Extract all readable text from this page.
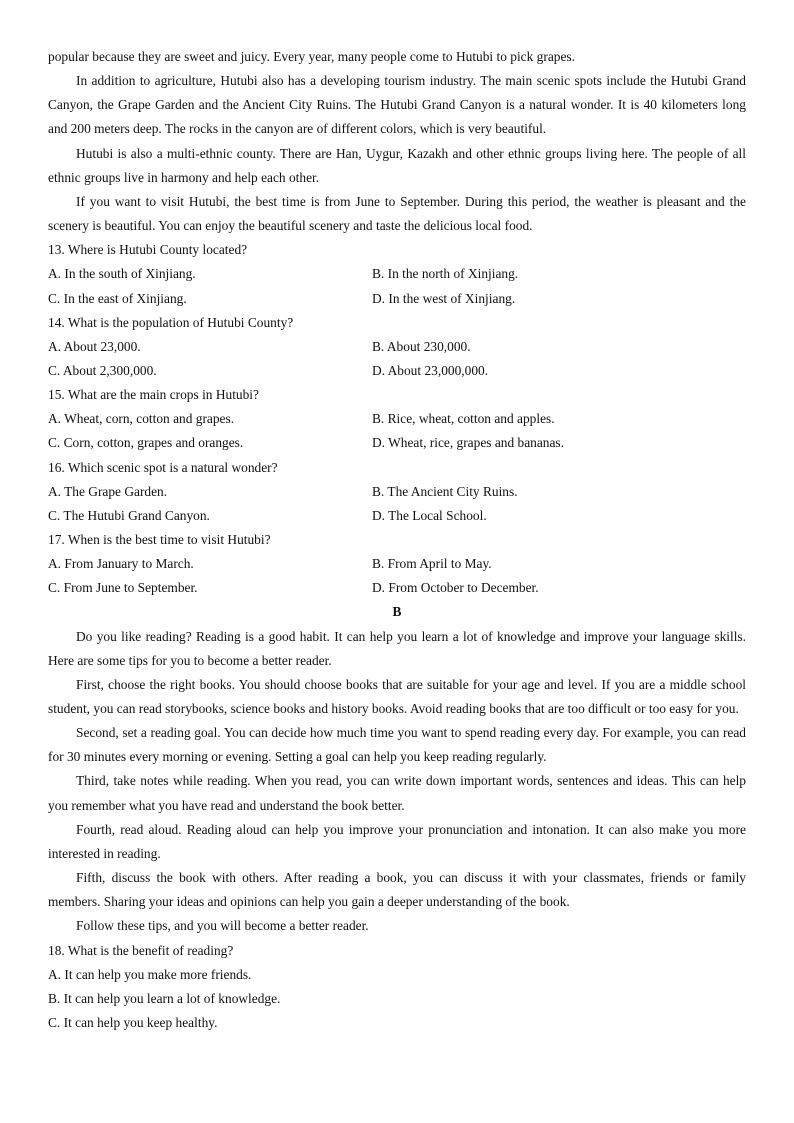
popular because they are sweet and juicy. Every year, many people come to Hutubi to pick grapes.
In addition to agriculture, Hutubi also has a developing tourism industry. The main scenic spots include the Hutubi Grand Canyon, the Grape Garden and the Ancient City Ruins. The Hutubi Grand Canyon is a natural wonder. It is 40 kilometers long and 200 meters deep. The rocks in the canyon are of different colors, which is very beautiful.
Hutubi is also a multi-ethnic county. There are Han, Uygur, Kazakh and other ethnic groups living here. The people of all ethnic groups live in harmony and help each other.
If you want to visit Hutubi, the best time is from June to September. During this period, the weather is pleasant and the scenery is beautiful. You can enjoy the beautiful scenery and taste the delicious local food.
13. Where is Hutubi County located?
A. In the south of Xinjiang.	B. In the north of Xinjiang.
C. In the east of Xinjiang.	D. In the west of Xinjiang.
14. What is the population of Hutubi County?
A. About 23,000.	B. About 230,000.
C. About 2,300,000.	D. About 23,000,000.
15. What are the main crops in Hutubi?
A. Wheat, corn, cotton and grapes.	B. Rice, wheat, cotton and apples.
C. Corn, cotton, grapes and oranges.	D. Wheat, rice, grapes and bananas.
16. Which scenic spot is a natural wonder?
A. The Grape Garden.	B. The Ancient City Ruins.
C. The Hutubi Grand Canyon.	D. The Local School.
17. When is the best time to visit Hutubi?
A. From January to March.	B. From April to May.
C. From June to September.	D. From October to December.
B
Do you like reading? Reading is a good habit. It can help you learn a lot of knowledge and improve your language skills. Here are some tips for you to become a better reader.
First, choose the right books. You should choose books that are suitable for your age and level. If you are a middle school student, you can read storybooks, science books and history books. Avoid reading books that are too difficult or too easy for you.
Second, set a reading goal. You can decide how much time you want to spend reading every day. For example, you can read for 30 minutes every morning or evening. Setting a goal can help you keep reading regularly.
Third, take notes while reading. When you read, you can write down important words, sentences and ideas. This can help you remember what you have read and understand the book better.
Fourth, read aloud. Reading aloud can help you improve your pronunciation and intonation. It can also make you more interested in reading.
Fifth, discuss the book with others. After reading a book, you can discuss it with your classmates, friends or family members. Sharing your ideas and opinions can help you gain a deeper understanding of the book.
Follow these tips, and you will become a better reader.
18. What is the benefit of reading?
A. It can help you make more friends.
B. It can help you learn a lot of knowledge.
C. It can help you keep healthy.
